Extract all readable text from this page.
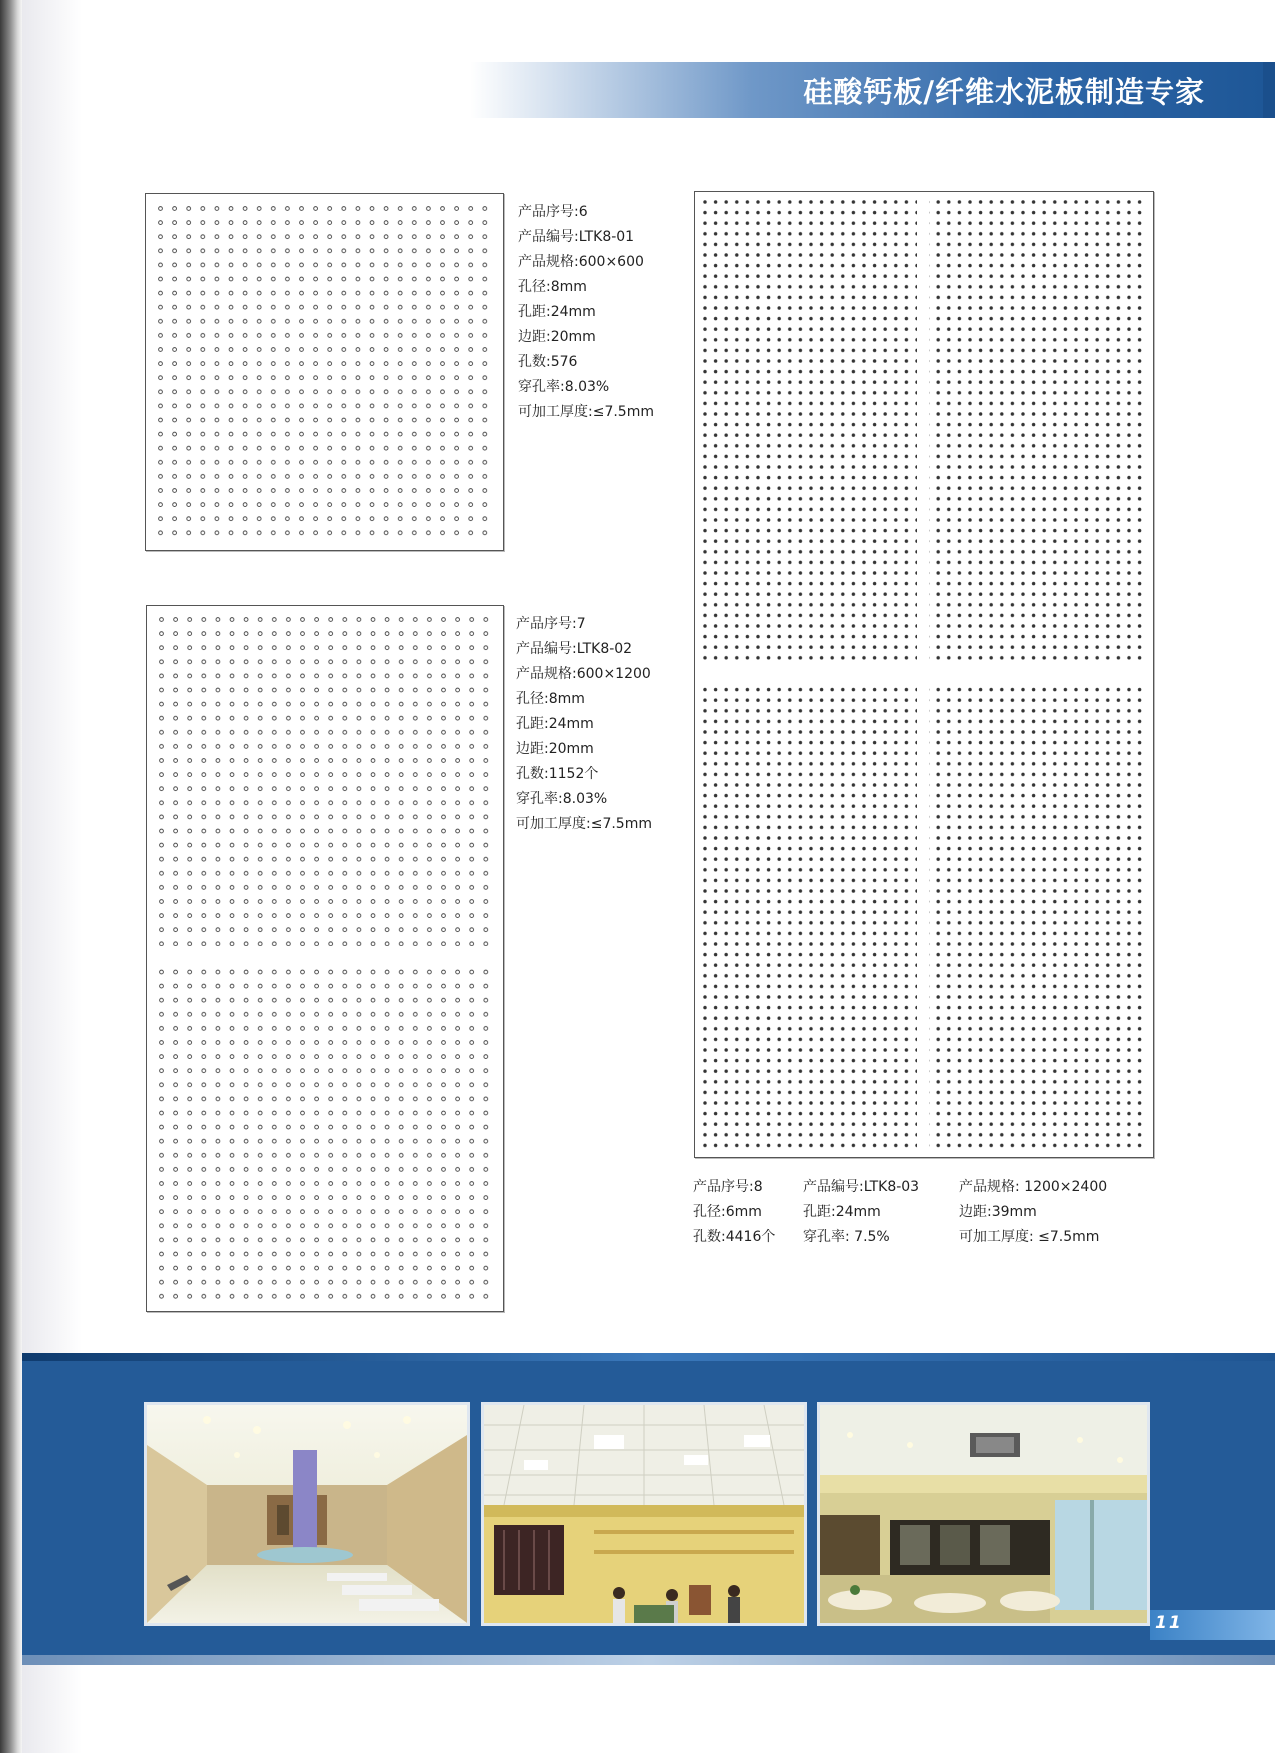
硅酸钙板/纤维水泥板制造专家
产品序号:6
产品编号:LTK8-01
产品规格:600×600
孔径:8mm
孔距:24mm
边距:20mm
孔数:576
穿孔率:8.03%
可加工厚度:≤7.5mm
产品序号:7
产品编号:LTK8-02
产品规格:600×1200
孔径:8mm
孔距:24mm
边距:20mm
孔数:1152个
穿孔率:8.03%
可加工厚度:≤7.5mm
产品序号:8	产品编号:LTK8-03	产品规格: 1200×2400
孔径:6mm	孔距:24mm	边距:39mm
孔数:4416个 穿孔率: 7.5%	可加工厚度: ≤7.5mm
11
